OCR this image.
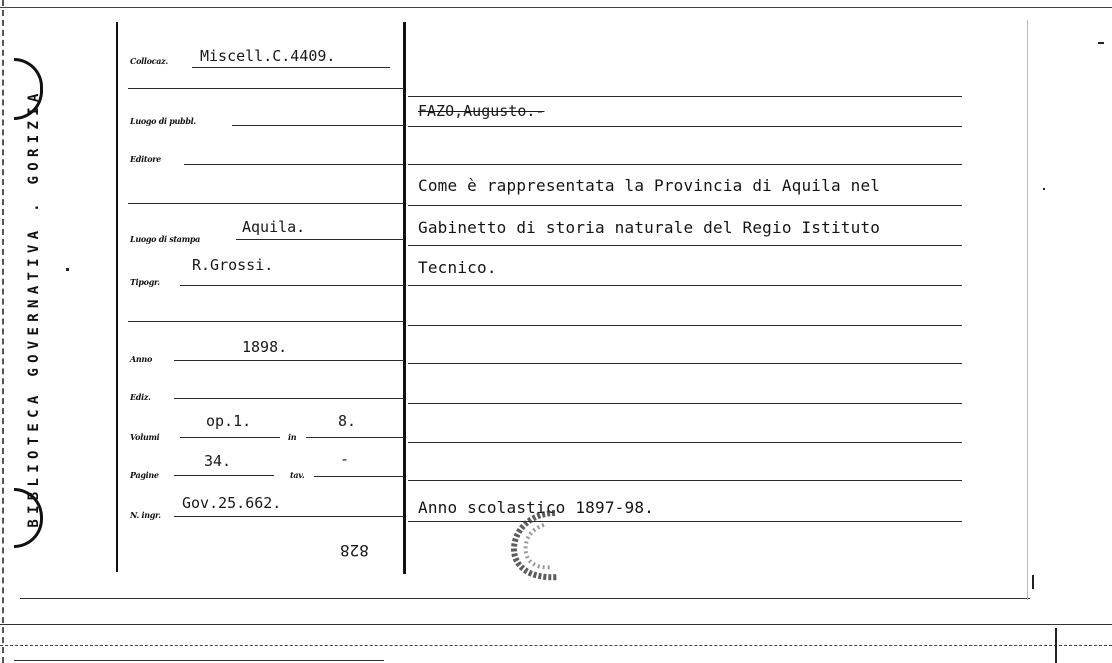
BIBLIOTECA GOVERNATIVA . GORIZIA
Collocaz. Miscell.C.4409.
Luogo di pubbl.
Editore
Luogo di stampa
Aquila.
Tipogr.
R.Grossi.
Anno
1898.
Ediz.
Volumi
op.1.
in
8.
Pagine
34.
tav.
-
N. ingr.
Gov.25.662.
828
FAZO,Augusto.-
Come è rappresentata la Provincia di Aquila nel
Gabinetto di storia naturale del Regio Istituto
Tecnico.
Anno scolastico 1897-98.
